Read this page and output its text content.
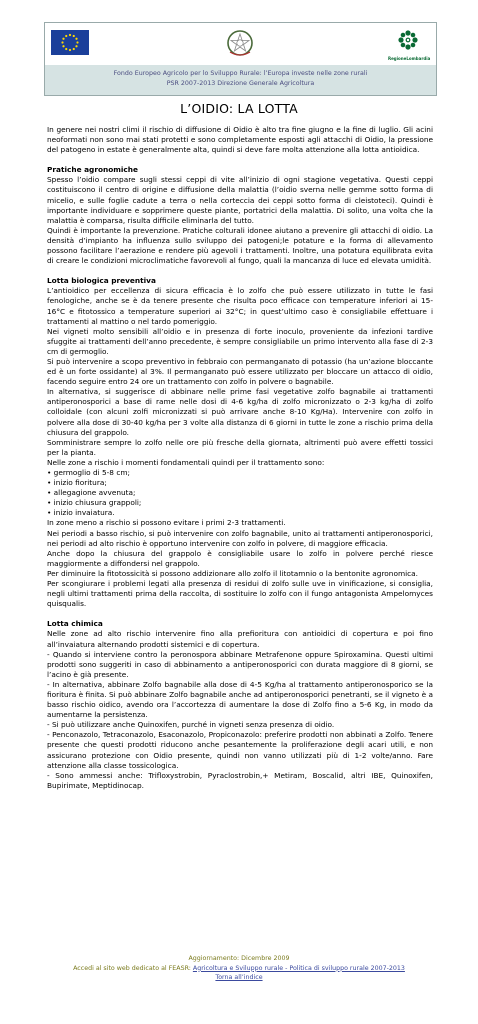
RegioneLombardia
Fondo Europeo Agricolo per lo Sviluppo Rurale: l’Europa investe nelle zone rurali
PSR 2007-2013 Direzione Generale Agricoltura
L’OIDIO: LA LOTTA

In genere nei nostri climi il rischio di diffusione di Oidio è alto tra fine giugno e la fine di luglio. Gli acini neoformati non sono mai stati protetti e sono completamente esposti agli attacchi di Oidio, la pressione del patogeno in estate è generalmente alta, quindi si deve fare molta attenzione alla lotta antioidica.

Pratiche agronomiche

Spesso l’oidio compare sugli stessi ceppi di vite all’inizio di ogni stagione vegetativa. Questi ceppi costituiscono il centro di origine e diffusione della malattia (l’oidio sverna nelle gemme sotto forma di micelio, e sulle foglie cadute a terra o nella corteccia dei ceppi sotto forma di cleistoteci). Quindi è importante individuare e sopprimere queste piante, portatrici della malattia. Di solito, una volta che la malattia è comparsa, risulta difficile eliminarla del tutto.

Quindi è importante la prevenzione. Pratiche colturali idonee aiutano a prevenire gli attacchi di oidio. La densità d’impianto ha influenza sullo sviluppo dei patogeni;le potature e la forma di allevamento possono facilitare l’aerazione e rendere più agevoli i trattamenti. Inoltre, una potatura equilibrata evita di creare le condizioni microclimatiche favorevoli al fungo, quali la mancanza di luce ed elevata umidità.

Lotta biologica preventiva

L’antioidico per eccellenza di sicura efficacia è lo zolfo che può essere utilizzato in tutte le fasi fenologiche, anche se è da tenere presente che risulta poco efficace con temperature inferiori ai 15-16°C e fitotossico a temperature superiori ai 32°C; in quest’ultimo caso è consigliabile effettuare i trattamenti al mattino o nel tardo pomeriggio.

Nei vigneti molto sensibili all’oidio e in presenza di forte inoculo, proveniente da infezioni tardive sfuggite ai trattamenti dell’anno precedente, è sempre consigliabile un primo intervento alla fase di 2-3 cm di germoglio.

Si può intervenire a scopo preventivo in febbraio con permanganato di potassio (ha un’azione bloccante ed è un forte ossidante) al 3%. Il permanganato può essere utilizzato per bloccare un attacco di oidio, facendo seguire entro 24 ore un trattamento con zolfo in polvere o bagnabile.

In alternativa, si suggerisce di abbinare nelle prime fasi vegetative zolfo bagnabile ai trattamenti antiperonosporici a base di rame nelle dosi di 4-6 kg/ha di zolfo micronizzato o 2-3 kg/ha di zolfo colloidale (con alcuni zolfi micronizzati si può arrivare anche 8-10 Kg/Ha). Intervenire con zolfo in polvere alla dose di 30-40 kg/ha per 3 volte alla distanza di 6 giorni in tutte le zone a rischio prima della chiusura del grappolo.

Somministrare sempre lo zolfo nelle ore più fresche della giornata, altrimenti può avere effetti tossici per la pianta.

Nelle zone a rischio i momenti fondamentali quindi per il trattamento sono:

• germoglio di 5-8 cm;

• inizio fioritura;

• allegagione avvenuta;

• inizio chiusura grappoli;

• inizio invaiatura.

In zone meno a rischio si possono evitare i primi 2-3 trattamenti.

Nei periodi a basso rischio, si può intervenire con zolfo bagnabile, unito ai trattamenti antiperonosporici, nei periodi ad alto rischio è opportuno intervenire con zolfo in polvere, di maggiore efficacia.

Anche dopo la chiusura del grappolo è consigliabile usare lo zolfo in polvere perché riesce maggiormente a diffondersi nel grappolo.

Per diminuire la fitotossicità si possono addizionare allo zolfo il litotamnio o la bentonite agronomica.

Per scongiurare i problemi legati alla presenza di residui di zolfo sulle uve in vinificazione, si consiglia, negli ultimi trattamenti prima della raccolta, di sostituire lo zolfo con il fungo antagonista Ampelomyces quisqualis.

Lotta chimica

Nelle zone ad alto rischio intervenire fino alla prefioritura con antioidici di copertura e poi fino all’invaiatura alternando prodotti sistemici e di copertura.

- Quando si interviene contro la peronospora abbinare Metrafenone oppure Spiroxamina. Questi ultimi prodotti sono suggeriti in caso di abbinamento a antiperonosporici con durata maggiore di 8 giorni, se l’acino è già presente.

- In alternativa, abbinare Zolfo bagnabile alla dose di 4-5 Kg/ha al trattamento antiperonosporico se la fioritura è finita. Si può abbinare Zolfo bagnabile anche ad antiperonosporici penetranti, se il vigneto è a basso rischio oidico, avendo ora l’accortezza di aumentare la dose di Zolfo fino a 5-6 Kg, in modo da aumentarne la persistenza.

- Si può utilizzare anche Quinoxifen, purché in vigneti senza presenza di oidio.

- Penconazolo, Tetraconazolo, Esaconazolo, Propiconazolo: preferire prodotti non abbinati a Zolfo. Tenere presente che questi prodotti riducono anche pesantemente la proliferazione degli acari utili, e non assicurano protezione con Oidio presente, quindi non vanno utilizzati più di 1-2 volte/anno. Fare attenzione alla classe tossicologica.

- Sono ammessi anche: Trifloxystrobin, Pyraclostrobin,+ Metiram, Boscalid, altri IBE, Quinoxifen, Bupirimate, Meptidinocap.

Aggiornamento: Dicembre 2009
Accedi al sito web dedicato al FEASR: Agricoltura e Sviluppo rurale - Politica di sviluppo rurale 2007-2013
Torna all’indice
